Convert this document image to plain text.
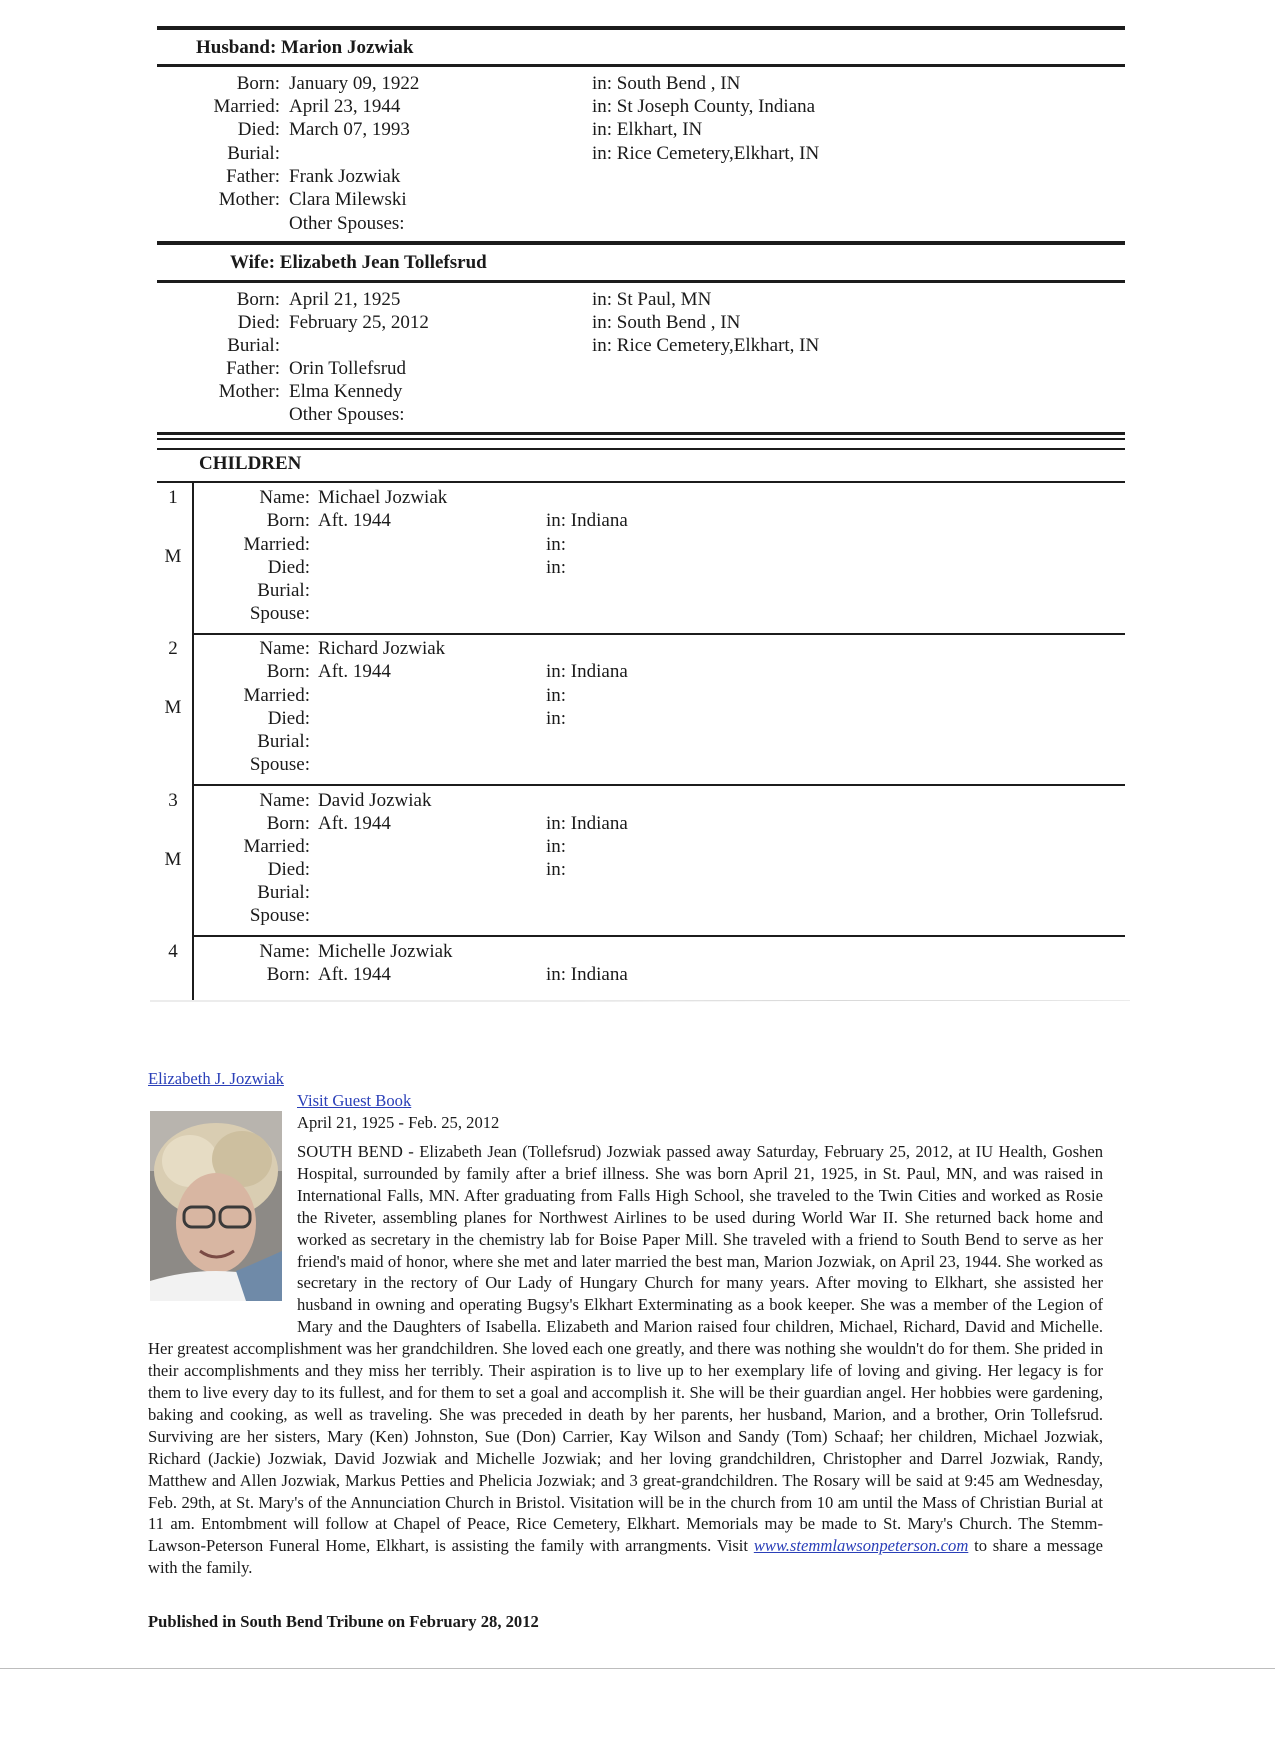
Husband: Marion Jozwiak
Born: January 09, 1922	in: South Bend , IN
Married: April 23, 1944	in: St Joseph County, Indiana
Died: March 07, 1993	in: Elkhart, IN
Burial:	in: Rice Cemetery,Elkhart, IN
Father: Frank Jozwiak
Mother: Clara Milewski
Other Spouses:
Wife: Elizabeth Jean Tollefsrud
Born: April 21, 1925	in: St Paul, MN
Died: February 25, 2012	in: South Bend , IN
Burial:	in: Rice Cemetery,Elkhart, IN
Father: Orin Tollefsrud
Mother: Elma Kennedy
Other Spouses:
CHILDREN
1
M
Name: Michael Jozwiak
Born: Aft. 1944	in: Indiana
Married:	in:
Died:	in:
Burial:
Spouse:
2
M
Name: Richard Jozwiak
Born: Aft. 1944	in: Indiana
Married:	in:
Died:	in:
Burial:
Spouse:
3
M
Name: David Jozwiak
Born: Aft. 1944	in: Indiana
Married:	in:
Died:	in:
Burial:
Spouse:
4	Name: Michelle Jozwiak
Born: Aft. 1944	in: Indiana
Elizabeth J. Jozwiak
Visit Guest Book
April 21, 1925 - Feb. 25, 2012
SOUTH BEND - Elizabeth Jean (Tollefsrud) Jozwiak passed away Saturday, February 25, 2012, at IU Health, Goshen Hospital, surrounded by family after a brief illness. She was born April 21, 1925, in St. Paul, MN, and was raised in International Falls, MN. After graduating from Falls High School, she traveled to the Twin Cities and worked as Rosie the Riveter, assembling planes for Northwest Airlines to be used during World War II. She returned back home and worked as secretary in the chemistry lab for Boise Paper Mill. She traveled with a friend to South Bend to serve as her friend's maid of honor, where she met and later married the best man, Marion Jozwiak, on April 23, 1944. She worked as secretary in the rectory of Our Lady of Hungary Church for many years. After moving to Elkhart, she assisted her husband in owning and operating Bugsy's Elkhart Exterminating as a book keeper. She was a member of the Legion of Mary and the Daughters of Isabella. Elizabeth and Marion raised four children, Michael, Richard, David and Michelle. Her greatest accomplishment was her grandchildren. She loved each one greatly, and there was nothing she wouldn't do for them. She prided in their accomplishments and they miss her terribly. Their aspiration is to live up to her exemplary life of loving and giving. Her legacy is for them to live every day to its fullest, and for them to set a goal and accomplish it. She will be their guardian angel. Her hobbies were gardening, baking and cooking, as well as traveling. She was preceded in death by her parents, her husband, Marion, and a brother, Orin Tollefsrud. Surviving are her sisters, Mary (Ken) Johnston, Sue (Don) Carrier, Kay Wilson and Sandy (Tom) Schaaf; her children, Michael Jozwiak, Richard (Jackie) Jozwiak, David Jozwiak and Michelle Jozwiak; and her loving grandchildren, Christopher and Darrel Jozwiak, Randy, Matthew and Allen Jozwiak, Markus Petties and Phelicia Jozwiak; and 3 great-grandchildren. The Rosary will be said at 9:45 am Wednesday, Feb. 29th, at St. Mary's of the Annunciation Church in Bristol. Visitation will be in the church from 10 am until the Mass of Christian Burial at 11 am. Entombment will follow at Chapel of Peace, Rice Cemetery, Elkhart. Memorials may be made to St. Mary's Church. The Stemm-Lawson-Peterson Funeral Home, Elkhart, is assisting the family with arrangments. Visit www.stemmlawsonpeterson.com to share a message with the family.
Published in South Bend Tribune on February 28, 2012
